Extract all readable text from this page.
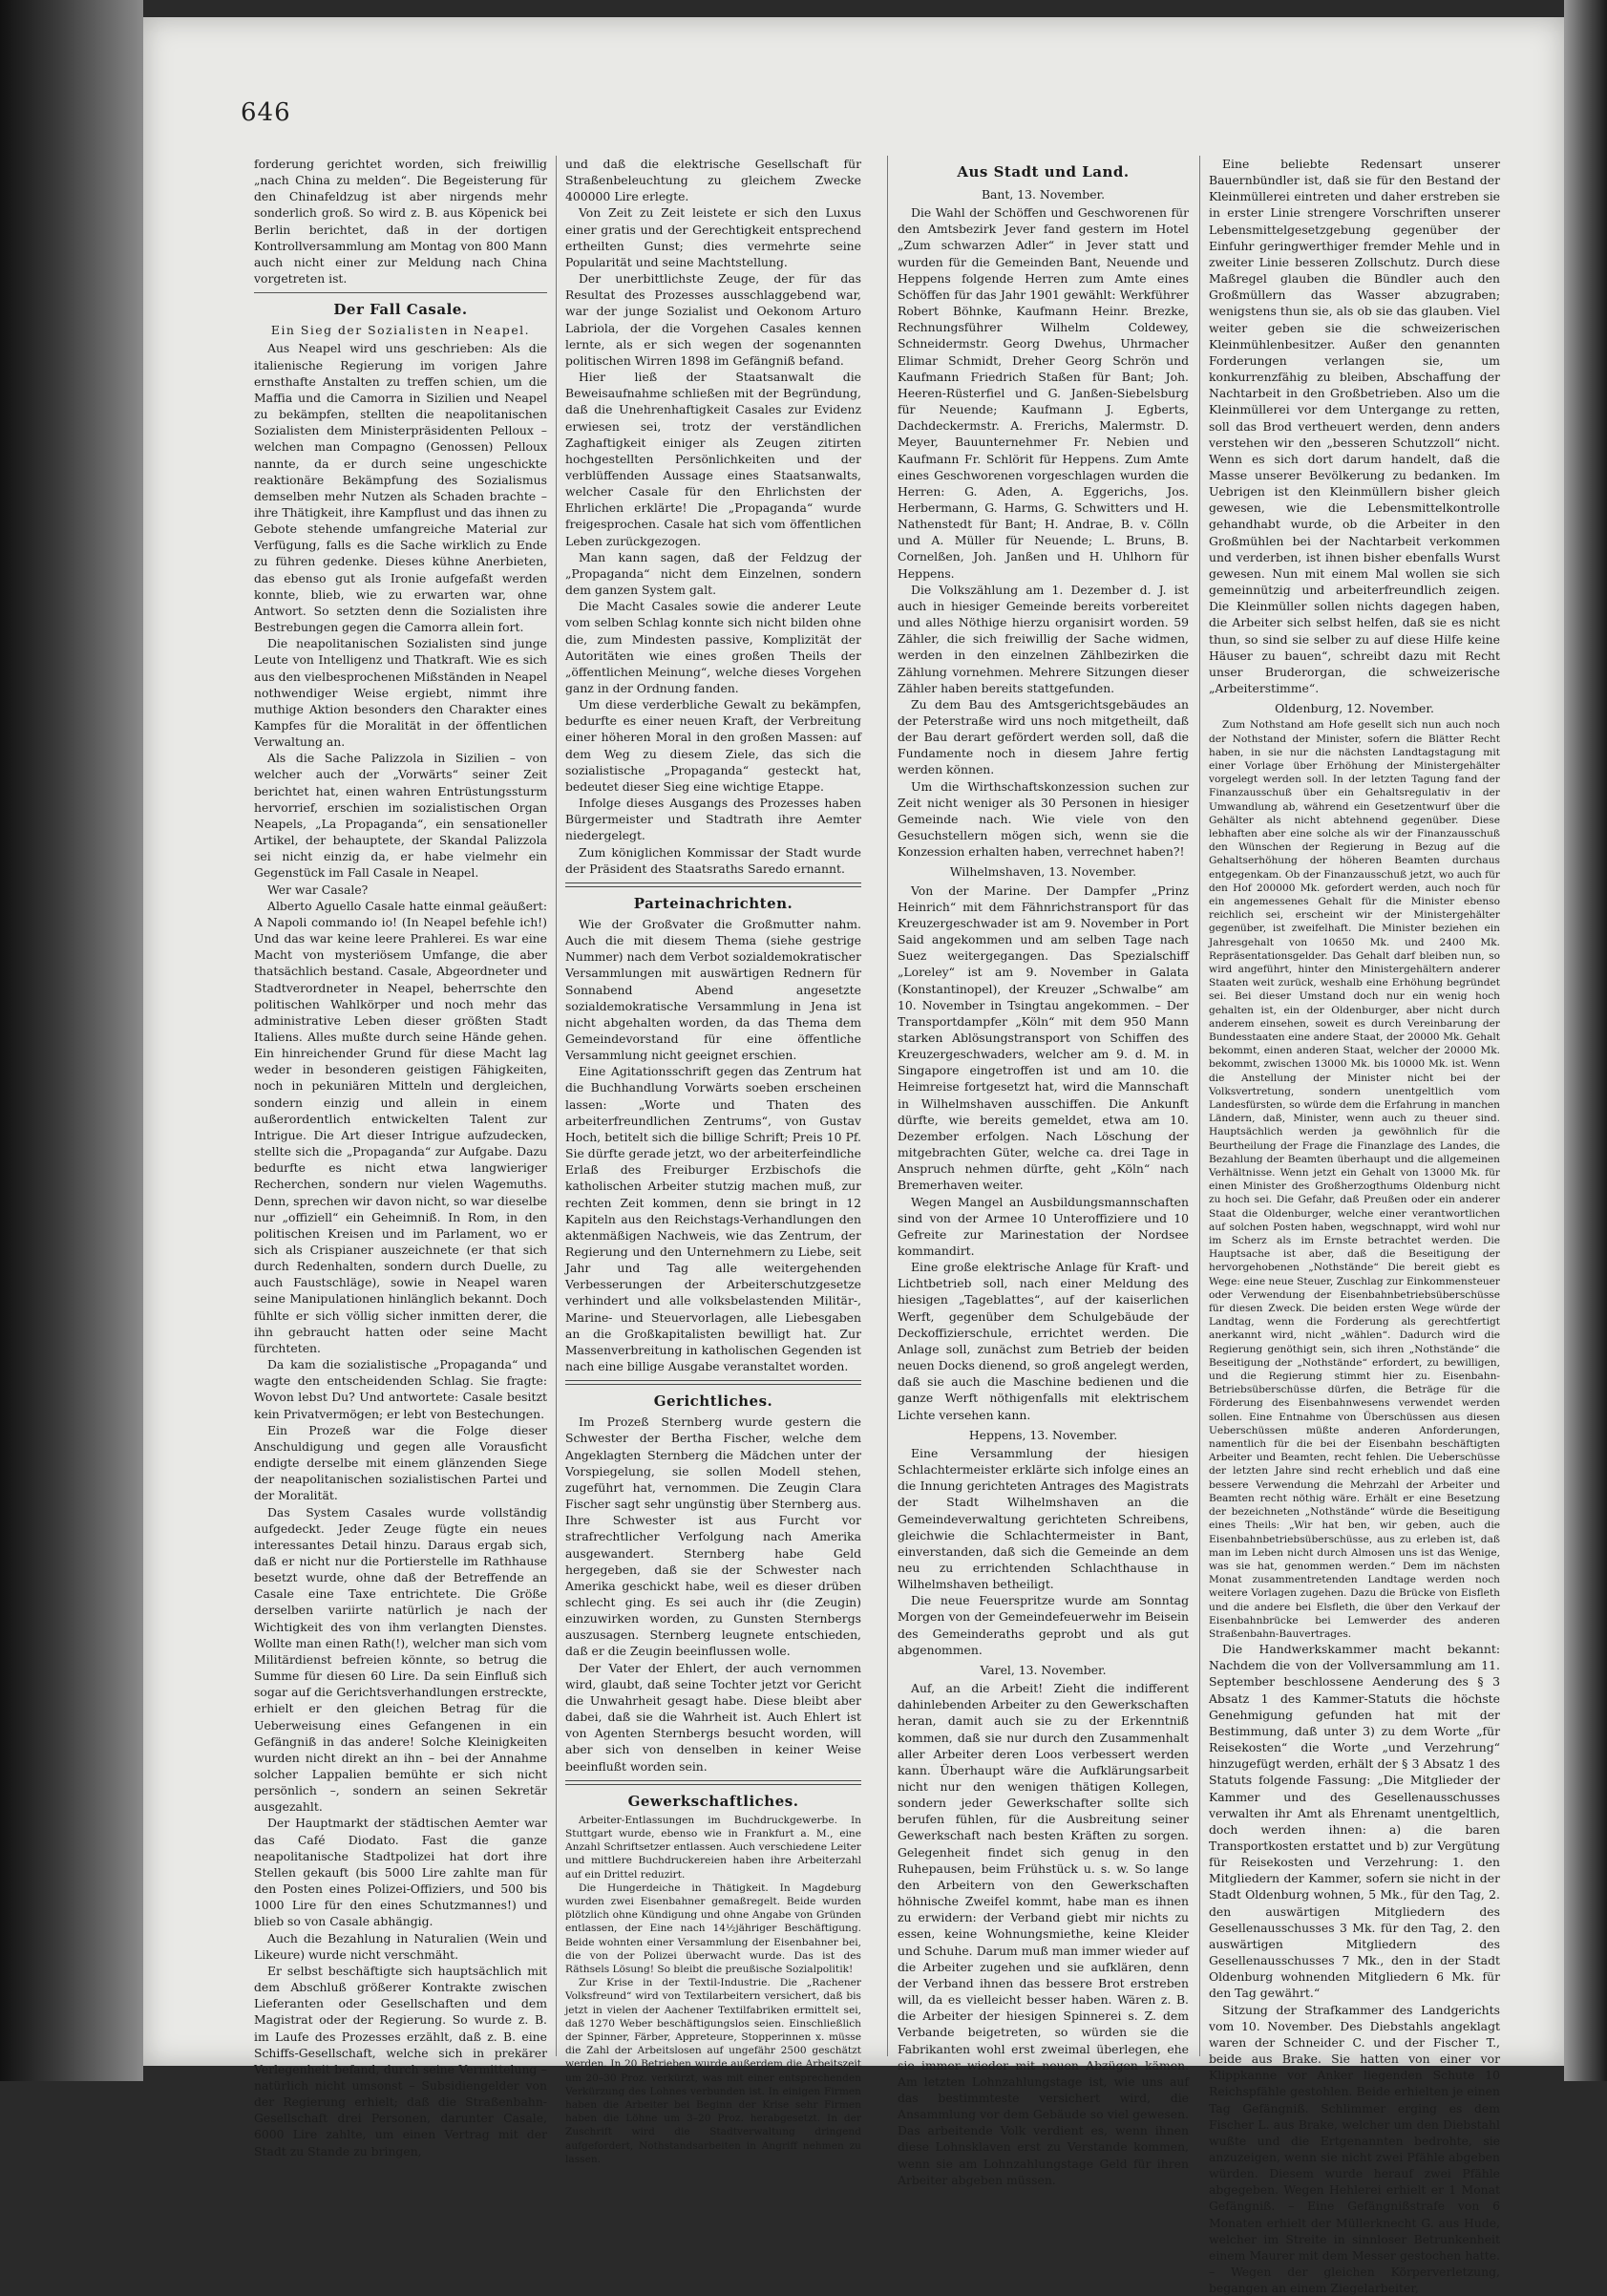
646

forderung gerichtet worden, sich freiwillig „nach China zu melden“. Die Begeisterung für den Chinafeldzug ist aber nirgends mehr sonderlich groß. So wird z. B. aus Köpenick bei Berlin berichtet, daß in der dortigen Kontrollversammlung am Montag von 800 Mann auch nicht einer zur Meldung nach China vorgetreten ist.

Der Fall Casale.
Ein Sieg der Sozialisten in Neapel.

Aus Neapel wird uns geschrieben: Als die italienische Regierung im vorigen Jahre ernsthafte Anstalten zu treffen schien, um die Maffia und die Camorra in Sizilien und Neapel zu bekämpfen, stellten die neapolitanischen Sozialisten dem Ministerpräsidenten Pelloux – welchen man Compagno (Genossen) Pelloux nannte, da er durch seine ungeschickte reaktionäre Bekämpfung des Sozialismus demselben mehr Nutzen als Schaden brachte – ihre Thätigkeit, ihre Kampflust und das ihnen zu Gebote stehende umfangreiche Material zur Verfügung, falls es die Sache wirklich zu Ende zu führen gedenke. Dieses kühne Anerbieten, das ebenso gut als Ironie aufgefaßt werden konnte, blieb, wie zu erwarten war, ohne Antwort. So setzten denn die Sozialisten ihre Bestrebungen gegen die Camorra allein fort.

Die neapolitanischen Sozialisten sind junge Leute von Intelligenz und Thatkraft. Wie es sich aus den vielbesprochenen Mißständen in Neapel nothwendiger Weise ergiebt, nimmt ihre muthige Aktion besonders den Charakter eines Kampfes für die Moralität in der öffentlichen Verwaltung an.

Als die Sache Palizzola in Sizilien – von welcher auch der „Vorwärts“ seiner Zeit berichtet hat, einen wahren Entrüstungssturm hervorrief, erschien im sozialistischen Organ Neapels, „La Propaganda“, ein sensationeller Artikel, der behauptete, der Skandal Palizzola sei nicht einzig da, er habe vielmehr ein Gegenstück im Fall Casale in Neapel.

Wer war Casale?

Alberto Aguello Casale hatte einmal geäußert: A Napoli commando io! (In Neapel befehle ich!) Und das war keine leere Prahlerei. Es war eine Macht von mysteriösem Umfange, die aber thatsächlich bestand. Casale, Abgeordneter und Stadtverordneter in Neapel, beherrschte den politischen Wahlkörper und noch mehr das administrative Leben dieser größten Stadt Italiens. Alles mußte durch seine Hände gehen. Ein hinreichender Grund für diese Macht lag weder in besonderen geistigen Fähigkeiten, noch in pekuniären Mitteln und dergleichen, sondern einzig und allein in einem außerordentlich entwickelten Talent zur Intrigue. Die Art dieser Intrigue aufzudecken, stellte sich die „Propaganda“ zur Aufgabe. Dazu bedurfte es nicht etwa langwieriger Recherchen, sondern nur vielen Wagemuths. Denn, sprechen wir davon nicht, so war dieselbe nur „offiziell“ ein Geheimniß. In Rom, in den politischen Kreisen und im Parlament, wo er sich als Crispianer auszeichnete (er that sich durch Redenhalten, sondern durch Duelle, zu auch Faustschläge), sowie in Neapel waren seine Manipulationen hinlänglich bekannt. Doch fühlte er sich völlig sicher inmitten derer, die ihn gebraucht hatten oder seine Macht fürchteten.

Da kam die sozialistische „Propaganda“ und wagte den entscheidenden Schlag. Sie fragte: Wovon lebst Du? Und antwortete: Casale besitzt kein Privatvermögen; er lebt von Bestechungen.

Ein Prozeß war die Folge dieser Anschuldigung und gegen alle Vorausficht endigte derselbe mit einem glänzenden Siege der neapolitanischen sozialistischen Partei und der Moralität.

Das System Casales wurde vollständig aufgedeckt. Jeder Zeuge fügte ein neues interessantes Detail hinzu. Daraus ergab sich, daß er nicht nur die Portierstelle im Rathhause besetzt wurde, ohne daß der Betreffende an Casale eine Taxe entrichtete. Die Größe derselben variirte natürlich je nach der Wichtigkeit des von ihm verlangten Dienstes. Wollte man einen Rath(!), welcher man sich vom Militärdienst befreien könnte, so betrug die Summe für diesen 60 Lire. Da sein Einfluß sich sogar auf die Gerichtsverhandlungen erstreckte, erhielt er den gleichen Betrag für die Ueberweisung eines Gefangenen in ein Gefängniß in das andere! Solche Kleinigkeiten wurden nicht direkt an ihn – bei der Annahme solcher Lappalien bemühte er sich nicht persönlich –, sondern an seinen Sekretär ausgezahlt.

Der Hauptmarkt der städtischen Aemter war das Café Diodato. Fast die ganze neapolitanische Stadtpolizei hat dort ihre Stellen gekauft (bis 5000 Lire zahlte man für den Posten eines Polizei-Offiziers, und 500 bis 1000 Lire für den eines Schutzmannes!) und blieb so von Casale abhängig.

Auch die Bezahlung in Naturalien (Wein und Likeure) wurde nicht verschmäht.

Er selbst beschäftigte sich hauptsächlich mit dem Abschluß größerer Kontrakte zwischen Lieferanten oder Gesellschaften und dem Magistrat oder der Regierung. So wurde z. B. im Laufe des Prozesses erzählt, daß z. B. eine Schiffs-Gesellschaft, welche sich in prekärer Verlegenheit befand, durch seine Vermittelung – natürlich nicht umsonst – Subsidiengelder von der Regierung erhielt; daß die Straßenbahn-Gesellschaft drei Personen, darunter Casale, 6000 Lire zahlte, um einen Vertrag mit der Stadt zu Stande zu bringen,

und daß die elektrische Gesellschaft für Straßenbeleuchtung zu gleichem Zwecke 400000 Lire erlegte.

Von Zeit zu Zeit leistete er sich den Luxus einer gratis und der Gerechtigkeit entsprechend ertheilten Gunst; dies vermehrte seine Popularität und seine Machtstellung.

Der unerbittlichste Zeuge, der für das Resultat des Prozesses ausschlaggebend war, war der junge Sozialist und Oekonom Arturo Labriola, der die Vorgehen Casales kennen lernte, als er sich wegen der sogenannten politischen Wirren 1898 im Gefängniß befand.

Hier ließ der Staatsanwalt die Beweisaufnahme schließen mit der Begründung, daß die Unehrenhaftigkeit Casales zur Evidenz erwiesen sei, trotz der verständlichen Zaghaftigkeit einiger als Zeugen zitirten hochgestellten Persönlichkeiten und der verblüffenden Aussage eines Staatsanwalts, welcher Casale für den Ehrlichsten der Ehrlichen erklärte! Die „Propaganda“ wurde freigesprochen. Casale hat sich vom öffentlichen Leben zurückgezogen.

Man kann sagen, daß der Feldzug der „Propaganda“ nicht dem Einzelnen, sondern dem ganzen System galt.

Die Macht Casales sowie die anderer Leute vom selben Schlag konnte sich nicht bilden ohne die, zum Mindesten passive, Komplizität der Autoritäten wie eines großen Theils der „öffentlichen Meinung“, welche dieses Vorgehen ganz in der Ordnung fanden.

Um diese verderbliche Gewalt zu bekämpfen, bedurfte es einer neuen Kraft, der Verbreitung einer höheren Moral in den großen Massen: auf dem Weg zu diesem Ziele, das sich die sozialistische „Propaganda“ gesteckt hat, bedeutet dieser Sieg eine wichtige Etappe.

Infolge dieses Ausgangs des Prozesses haben Bürgermeister und Stadtrath ihre Aemter niedergelegt.

Zum königlichen Kommissar der Stadt wurde der Präsident des Staatsraths Saredo ernannt.

Parteinachrichten.

Wie der Großvater die Großmutter nahm. Auch die mit diesem Thema (siehe gestrige Nummer) nach dem Verbot sozialdemokratischer Versammlungen mit auswärtigen Rednern für Sonnabend Abend angesetzte sozialdemokratische Versammlung in Jena ist nicht abgehalten worden, da das Thema dem Gemeindevorstand für eine öffentliche Versammlung nicht geeignet erschien.

Eine Agitationsschrift gegen das Zentrum hat die Buchhandlung Vorwärts soeben erscheinen lassen: „Worte und Thaten des arbeiterfreundlichen Zentrums“, von Gustav Hoch, betitelt sich die billige Schrift; Preis 10 Pf. Sie dürfte gerade jetzt, wo der arbeiterfeindliche Erlaß des Freiburger Erzbischofs die katholischen Arbeiter stutzig machen muß, zur rechten Zeit kommen, denn sie bringt in 12 Kapiteln aus den Reichstags-Verhandlungen den aktenmäßigen Nachweis, wie das Zentrum, der Regierung und den Unternehmern zu Liebe, seit Jahr und Tag alle weitergehenden Verbesserungen der Arbeiterschutzgesetze verhindert und alle volksbelastenden Militär-, Marine- und Steuervorlagen, alle Liebesgaben an die Großkapitalisten bewilligt hat. Zur Massenverbreitung in katholischen Gegenden ist nach eine billige Ausgabe veranstaltet worden.

Gerichtliches.

Im Prozeß Sternberg wurde gestern die Schwester der Bertha Fischer, welche dem Angeklagten Sternberg die Mädchen unter der Vorspiegelung, sie sollen Modell stehen, zugeführt hat, vernommen. Die Zeugin Clara Fischer sagt sehr ungünstig über Sternberg aus. Ihre Schwester ist aus Furcht vor strafrechtlicher Verfolgung nach Amerika ausgewandert. Sternberg habe Geld hergegeben, daß sie der Schwester nach Amerika geschickt habe, weil es dieser drüben schlecht ging. Es sei auch ihr (die Zeugin) einzuwirken worden, zu Gunsten Sternbergs auszusagen. Sternberg leugnete entschieden, daß er die Zeugin beeinflussen wolle.

Der Vater der Ehlert, der auch vernommen wird, glaubt, daß seine Tochter jetzt vor Gericht die Unwahrheit gesagt habe. Diese bleibt aber dabei, daß sie die Wahrheit ist. Auch Ehlert ist von Agenten Sternbergs besucht worden, will aber sich von denselben in keiner Weise beeinflußt worden sein.

Gewerkschaftliches.

Arbeiter-Entlassungen im Buchdruckgewerbe. In Stuttgart wurde, ebenso wie in Frankfurt a. M., eine Anzahl Schriftsetzer entlassen. Auch verschiedene Leiter und mittlere Buchdruckereien haben ihre Arbeiterzahl auf ein Drittel reduzirt.

Die Hungerdeiche in Thätigkeit. In Magdeburg wurden zwei Eisenbahner gemaßregelt. Beide wurden plötzlich ohne Kündigung und ohne Angabe von Gründen entlassen, der Eine nach 14½jähriger Beschäftigung. Beide wohnten einer Versammlung der Eisenbahner bei, die von der Polizei überwacht wurde. Das ist des Räthsels Lösung! So bleibt die preußische Sozialpolitik!

Zur Krise in der Textil-Industrie. Die „Rachener Volksfreund“ wird von Textilarbeitern versichert, daß bis jetzt in vielen der Aachener Textilfabriken ermittelt sei, daß 1270 Weber beschäftigungslos seien. Einschließlich der Spinner, Färber, Appreteure, Stopperinnen x. müsse die Zahl der Arbeitslosen auf ungefähr 2500 geschätzt werden. In 20 Betrieben wurde außerdem die Arbeitszeit um 20–30 Proz. verkürzt, was mit einer entsprechenden Verkürzung des Lohnes verbunden ist. In einigen Firmen haben die Arbeiter bei Beginn der Krise sehr Firmen haben die Löhne um 3–20 Proz. herabgesetzt. In der Zuschrift wird die Stadtverwaltung dringend aufgefordert, Nothstandsarbeiten in Angriff nehmen zu lassen.

Aus Stadt und Land.
Bant, 13. November.

Die Wahl der Schöffen und Geschworenen für den Amtsbezirk Jever fand gestern im Hotel „Zum schwarzen Adler“ in Jever statt und wurden für die Gemeinden Bant, Neuende und Heppens folgende Herren zum Amte eines Schöffen für das Jahr 1901 gewählt: Werkführer Robert Böhnke, Kaufmann Heinr. Brezke, Rechnungsführer Wilhelm Coldewey, Schneidermstr. Georg Dwehus, Uhrmacher Elimar Schmidt, Dreher Georg Schrön und Kaufmann Friedrich Staßen für Bant; Joh. Heeren-Rüsterfiel und G. Janßen-Siebelsburg für Neuende; Kaufmann J. Egberts, Dachdeckermstr. A. Frerichs, Malermstr. D. Meyer, Bauunternehmer Fr. Nebien und Kaufmann Fr. Schlörit für Heppens. Zum Amte eines Geschworenen vorgeschlagen wurden die Herren: G. Aden, A. Eggerichs, Jos. Herbermann, G. Harms, G. Schwitters und H. Nathenstedt für Bant; H. Andrae, B. v. Cölln und A. Müller für Neuende; L. Bruns, B. Cornelßen, Joh. Janßen und H. Uhlhorn für Heppens.

Die Volkszählung am 1. Dezember d. J. ist auch in hiesiger Gemeinde bereits vorbereitet und alles Nöthige hierzu organisirt worden. 59 Zähler, die sich freiwillig der Sache widmen, werden in den einzelnen Zählbezirken die Zählung vornehmen. Mehrere Sitzungen dieser Zähler haben bereits stattgefunden.

Zu dem Bau des Amtsgerichtsgebäudes an der Peterstraße wird uns noch mitgetheilt, daß der Bau derart gefördert werden soll, daß die Fundamente noch in diesem Jahre fertig werden können.

Um die Wirthschaftskonzession suchen zur Zeit nicht weniger als 30 Personen in hiesiger Gemeinde nach. Wie viele von den Gesuchstellern mögen sich, wenn sie die Konzession erhalten haben, verrechnet haben?!

Wilhelmshaven, 13. November.

Von der Marine. Der Dampfer „Prinz Heinrich“ mit dem Fähnrichstransport für das Kreuzergeschwader ist am 9. November in Port Said angekommen und am selben Tage nach Suez weitergegangen. Das Spezialschiff „Loreley“ ist am 9. November in Galata (Konstantinopel), der Kreuzer „Schwalbe“ am 10. November in Tsingtau angekommen. – Der Transportdampfer „Köln“ mit dem 950 Mann starken Ablösungstransport von Schiffen des Kreuzergeschwaders, welcher am 9. d. M. in Singapore eingetroffen ist und am 10. die Heimreise fortgesetzt hat, wird die Mannschaft in Wilhelmshaven ausschiffen. Die Ankunft dürfte, wie bereits gemeldet, etwa am 10. Dezember erfolgen. Nach Löschung der mitgebrachten Güter, welche ca. drei Tage in Anspruch nehmen dürfte, geht „Köln“ nach Bremerhaven weiter.

Wegen Mangel an Ausbildungsmannschaften sind von der Armee 10 Unteroffiziere und 10 Gefreite zur Marinestation der Nordsee kommandirt.

Eine große elektrische Anlage für Kraft- und Lichtbetrieb soll, nach einer Meldung des hiesigen „Tageblattes“, auf der kaiserlichen Werft, gegenüber dem Schulgebäude der Deckoffizierschule, errichtet werden. Die Anlage soll, zunächst zum Betrieb der beiden neuen Docks dienend, so groß angelegt werden, daß sie auch die Maschine bedienen und die ganze Werft nöthigenfalls mit elektrischem Lichte versehen kann.

Heppens, 13. November.

Eine Versammlung der hiesigen Schlachtermeister erklärte sich infolge eines an die Innung gerichteten Antrages des Magistrats der Stadt Wilhelmshaven an die Gemeindeverwaltung gerichteten Schreibens, gleichwie die Schlachtermeister in Bant, einverstanden, daß sich die Gemeinde an dem neu zu errichtenden Schlachthause in Wilhelmshaven betheiligt.

Die neue Feuerspritze wurde am Sonntag Morgen von der Gemeindefeuerwehr im Beisein des Gemeinderaths geprobt und als gut abgenommen.

Varel, 13. November.

Auf, an die Arbeit! Zieht die indifferent dahinlebenden Arbeiter zu den Gewerkschaften heran, damit auch sie zu der Erkenntniß kommen, daß sie nur durch den Zusammenhalt aller Arbeiter deren Loos verbessert werden kann. Überhaupt wäre die Aufklärungsarbeit nicht nur den wenigen thätigen Kollegen, sondern jeder Gewerkschafter sollte sich berufen fühlen, für die Ausbreitung seiner Gewerkschaft nach besten Kräften zu sorgen. Gelegenheit findet sich genug in den Ruhepausen, beim Frühstück u. s. w. So lange den Arbeitern von den Gewerkschaften höhnische Zweifel kommt, habe man es ihnen zu erwidern: der Verband giebt mir nichts zu essen, keine Wohnungsmiethe, keine Kleider und Schuhe. Darum muß man immer wieder auf die Arbeiter zugehen und sie aufklären, denn der Verband ihnen das bessere Brot erstreben will, da es vielleicht besser haben. Wären z. B. die Arbeiter der hiesigen Spinnerei s. Z. dem Verbande beigetreten, so würden sie die Fabrikanten wohl erst zweimal überlegen, ehe sie immer wieder mit neuen Abzügen kämen. Am letzten Lohnzahlungstage ist, wie uns auf das bestimmteste versichert wird, die Ansammlung vor dem Gebäude so viel gewesen. Das arbeitende Volk verdient es, wenn ihnen diese Lohnsklaven erst zu Verstande kommen, wenn sie am Lohnzahlungstage Geld für ihren Arbeiter abgeben müssen.

Eine beliebte Redensart unserer Bauernbündler ist, daß sie für den Bestand der Kleinmüllerei eintreten und daher erstreben sie in erster Linie strengere Vorschriften unserer Lebensmittelgesetzgebung gegenüber der Einfuhr geringwerthiger fremder Mehle und in zweiter Linie besseren Zollschutz. Durch diese Maßregel glauben die Bündler auch den Großmüllern das Wasser abzugraben; wenigstens thun sie, als ob sie das glauben. Viel weiter geben sie die schweizerischen Kleinmühlenbesitzer. Außer den genannten Forderungen verlangen sie, um konkurrenzfähig zu bleiben, Abschaffung der Nachtarbeit in den Großbetrieben. Also um die Kleinmüllerei vor dem Untergange zu retten, soll das Brod vertheuert werden, denn anders verstehen wir den „besseren Schutzzoll“ nicht. Wenn es sich dort darum handelt, daß die Masse unserer Bevölkerung zu bedanken. Im Uebrigen ist den Kleinmüllern bisher gleich gewesen, wie die Lebensmittelkontrolle gehandhabt wurde, ob die Arbeiter in den Großmühlen bei der Nachtarbeit verkommen und verderben, ist ihnen bisher ebenfalls Wurst gewesen. Nun mit einem Mal wollen sie sich gemeinnützig und arbeiterfreundlich zeigen. Die Kleinmüller sollen nichts dagegen haben, die Arbeiter sich selbst helfen, daß sie es nicht thun, so sind sie selber zu auf diese Hilfe keine Häuser zu bauen“, schreibt dazu mit Recht unser Bruderorgan, die schweizerische „Arbeiterstimme“.

Oldenburg, 12. November.

Zum Nothstand am Hofe gesellt sich nun auch noch der Nothstand der Minister, sofern die Blätter Recht haben, in sie nur die nächsten Landtagstagung mit einer Vorlage über Erhöhung der Ministergehälter vorgelegt werden soll. In der letzten Tagung fand der Finanzausschuß über ein Gehaltsregulativ in der Umwandlung ab, während ein Gesetzentwurf über die Gehälter als nicht abtehnend gegenüber. Diese lebhaften aber eine solche als wir der Finanzausschuß den Wünschen der Regierung in Bezug auf die Gehaltserhöhung der höheren Beamten durchaus entgegenkam. Ob der Finanzausschuß jetzt, wo auch für den Hof 200000 Mk. gefordert werden, auch noch für ein angemessenes Gehalt für die Minister ebenso reichlich sei, erscheint wir der Ministergehälter gegenüber, ist zweifelhaft. Die Minister beziehen ein Jahresgehalt von 10650 Mk. und 2400 Mk. Repräsentationsgelder. Das Gehalt darf bleiben nun, so wird angeführt, hinter den Ministergehältern anderer Staaten weit zurück, weshalb eine Erhöhung begründet sei. Bei dieser Umstand doch nur ein wenig hoch gehalten ist, ein der Oldenburger, aber nicht durch anderem einsehen, soweit es durch Vereinbarung der Bundesstaaten eine andere Staat, der 20000 Mk. Gehalt bekommt, einen anderen Staat, welcher der 20000 Mk. bekommt, zwischen 13000 Mk. bis 10000 Mk. ist. Wenn die Anstellung der Minister nicht bei der Volksvertretung, sondern unentgeltlich vom Landesfürsten, so würde dem die Erfahrung in manchen Ländern, daß, Minister, wenn auch zu theuer sind. Hauptsächlich werden ja gewöhnlich für die Beurtheilung der Frage die Finanzlage des Landes, die Bezahlung der Beamten überhaupt und die allgemeinen Verhältnisse. Wenn jetzt ein Gehalt von 13000 Mk. für einen Minister des Großherzogthums Oldenburg nicht zu hoch sei. Die Gefahr, daß Preußen oder ein anderer Staat die Oldenburger, welche einer verantwortlichen auf solchen Posten haben, wegschnappt, wird wohl nur im Scherz als im Ernste betrachtet werden. Die Hauptsache ist aber, daß die Beseitigung der hervorgehobenen „Nothstände“ Die bereit giebt es Wege: eine neue Steuer, Zuschlag zur Einkommensteuer oder Verwendung der Eisenbahnbetriebsüberschüsse für diesen Zweck. Die beiden ersten Wege würde der Landtag, wenn die Forderung als gerechtfertigt anerkannt wird, nicht „wählen“. Dadurch wird die Regierung genöthigt sein, sich ihren „Nothstände“ die Beseitigung der „Nothstände“ erfordert, zu bewilligen, und die Regierung stimmt hier zu. Eisenbahn-Betriebsüberschüsse dürfen, die Beträge für die Förderung des Eisenbahnwesens verwendet werden sollen. Eine Entnahme von Überschüssen aus diesen Ueberschüssen müßte anderen Anforderungen, namentlich für die bei der Eisenbahn beschäftigten Arbeiter und Beamten, recht fehlen. Die Ueberschüsse der letzten Jahre sind recht erheblich und daß eine bessere Verwendung die Mehrzahl der Arbeiter und Beamten recht nöthig wäre. Erhält er eine Besetzung der bezeichneten „Nothstände“ würde die Beseitigung eines Theils: „Wir hat ben, wir geben, auch die Eisenbahnbetriebsüberschüsse, aus zu erleben ist, daß man im Leben nicht durch Almosen uns ist das Wenige, was sie hat, genommen werden.“ Dem im nächsten Monat zusammentretenden Landtage werden noch weitere Vorlagen zugehen. Dazu die Brücke von Eisfleth und die andere bei Elsfleth, die über den Verkauf der Eisenbahnbrücke bei Lemwerder des anderen Straßenbahn-Bauvertrages.

Die Handwerkskammer macht bekannt: Nachdem die von der Vollversammlung am 11. September beschlossene Aenderung des § 3 Absatz 1 des Kammer-Statuts die höchste Genehmigung gefunden hat mit der Bestimmung, daß unter 3) zu dem Worte „für Reisekosten“ die Worte „und Verzehrung“ hinzugefügt werden, erhält der § 3 Absatz 1 des Statuts folgende Fassung: „Die Mitglieder der Kammer und des Gesellenausschusses verwalten ihr Amt als Ehrenamt unentgeltlich, doch werden ihnen: a) die baren Transportkosten erstattet und b) zur Vergütung für Reisekosten und Verzehrung: 1. den Mitgliedern der Kammer, sofern sie nicht in der Stadt Oldenburg wohnen, 5 Mk., für den Tag, 2. den auswärtigen Mitgliedern des Gesellenausschusses 3 Mk. für den Tag, 2. den auswärtigen Mitgliedern des Gesellenausschusses 7 Mk., den in der Stadt Oldenburg wohnenden Mitgliedern 6 Mk. für den Tag gewährt.“

Sitzung der Strafkammer des Landgerichts vom 10. November. Des Diebstahls angeklagt waren der Schneider C. und der Fischer T., beide aus Brake. Sie hatten von einer vor Klippkanne vor Anker liegenden Schute 10 Reichspfähle gestohlen. Beide erhielten je einen Tag Gefängniß. Schlimmer erging es dem Fischer L. aus Brake, welcher um den Diebstahl wußte und die Ertgenannten bedrohte, sie anzuzeigen, wenn sie nicht zwei Pfähle abgeben würden. Diesem wurde herauf zwei Pfähle abgegeben. Wegen Hehlerei erhielt er 1 Monat Gefängniß. – Eine Gefängnißstrafe von 6 Monaten erhielt der Müllerknecht G. aus Hude, welcher im Streite in sinnloser Betrunkenheit einem Maurer mit dem Messer gestochen hatte. – Wegen der gleichen Körperverletzung, begangen an einem Ziegelarbeiter,
